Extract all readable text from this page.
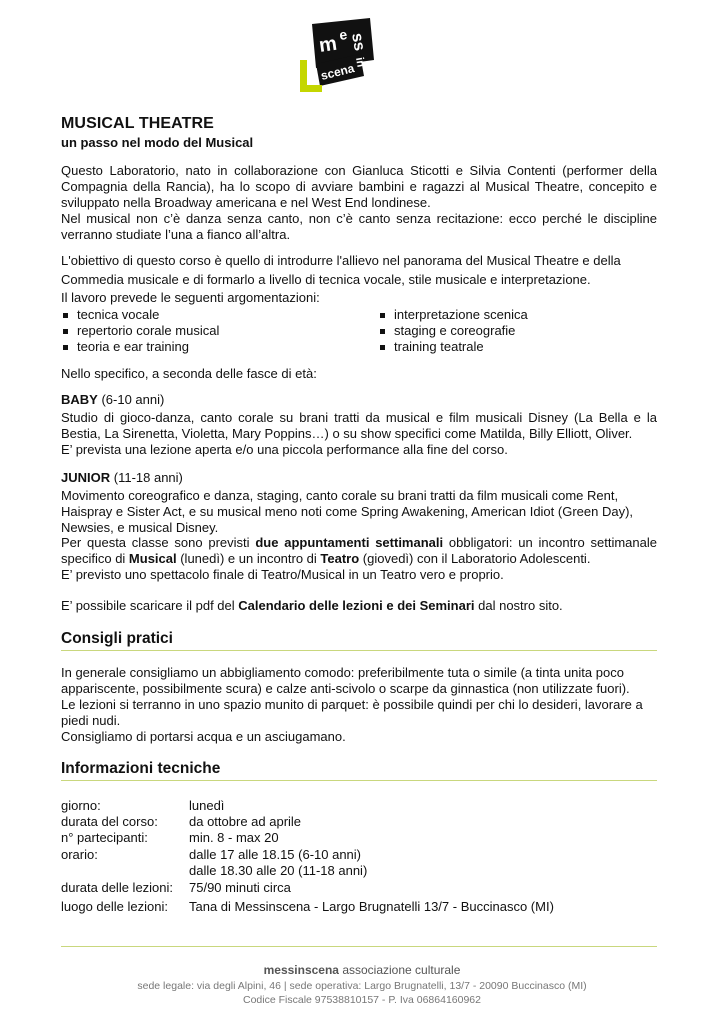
m e ss
in
scena
MUSICAL THEATRE
un passo nel modo del Musical

Questo Laboratorio, nato in collaborazione con Gianluca Sticotti e Silvia Contenti (performer della Compagnia della Rancia), ha lo scopo di avviare bambini e ragazzi al Musical Theatre, concepito e sviluppato nella Broadway americana e nel West End londinese.

Nel musical non c’è danza senza canto, non c’è canto senza recitazione: ecco perché le discipline verranno studiate l’una a fianco all’altra.

L'obiettivo di questo corso è quello di introdurre l'allievo nel panorama del Musical Theatre e della

Commedia musicale e di formarlo a livello di tecnica vocale, stile musicale e interpretazione.

Il lavoro prevede le seguenti argomentazioni:

tecnica vocale
repertorio corale musical
teoria e ear training
interpretazione scenica
staging e coreografie
training teatrale

Nello specifico, a seconda delle fasce di età:

BABY (6-10 anni)

Studio di gioco-danza, canto corale su brani tratti da musical e film musicali Disney (La Bella e la Bestia, La Sirenetta, Violetta, Mary Poppins…) o su show specifici come Matilda, Billy Elliott, Oliver.

E’ prevista una lezione aperta e/o una piccola performance alla fine del corso.

JUNIOR (11-18 anni)

Movimento coreografico e danza, staging, canto corale su brani tratti da film musicali come Rent, Haispray e Sister Act, e su musical meno noti come Spring Awakening, American Idiot (Green Day), Newsies, e musical Disney.

Per questa classe sono previsti due appuntamenti settimanali obbligatori: un incontro settimanale specifico di Musical (lunedì) e un incontro di Teatro (giovedì) con il Laboratorio Adolescenti.

E’ previsto uno spettacolo finale di Teatro/Musical in un Teatro vero e proprio.

E’ possibile scaricare il pdf del Calendario delle lezioni e dei Seminari dal nostro sito.

Consigli pratici

In generale consigliamo un abbigliamento comodo: preferibilmente tuta o simile (a tinta unita poco appariscente, possibilmente scura) e calze anti-scivolo o scarpe da ginnastica (non utilizzate fuori).

Le lezioni si terranno in uno spazio munito di parquet: è possibile quindi per chi lo desideri, lavorare a piedi nudi.

Consigliamo di portarsi acqua e un asciugamano.

Informazioni tecniche
giorno:	lunedì
durata del corso: da ottobre ad aprile
n° partecipanti:	min. 8 - max 20
orario:	dalle 17 alle 18.15 (6-10 anni)
dalle 18.30 alle 20 (11-18 anni)
durata delle lezioni: 75/90 minuti circa
luogo delle lezioni: Tana di Messinscena - Largo Brugnatelli 13/7 - Buccinasco (MI)
messinscena associazione culturale
sede legale: via degli Alpini, 46 | sede operativa: Largo Brugnatelli, 13/7 - 20090 Buccinasco (MI)
Codice Fiscale 97538810157 - P. Iva 06864160962
